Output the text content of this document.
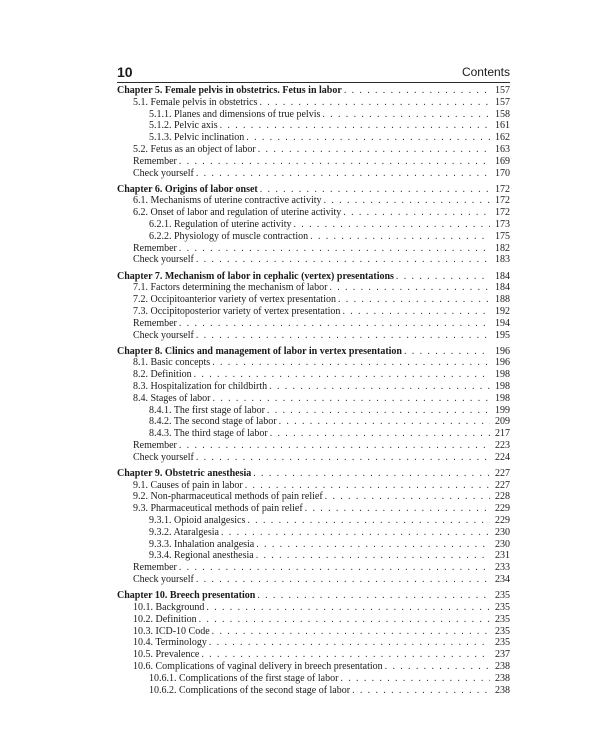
10	Contents
Chapter 5. Female pelvis in obstetrics. Fetus in labor . . .	157
5.1. Female pelvis in obstetrics . . .	157
5.1.1. Planes and dimensions of true pelvis . . .	158
5.1.2. Pelvic axis . . .	161
5.1.3. Pelvic inclination . . .	162
5.2. Fetus as an object of labor . . .	163
Remember . . .	169
Check yourself . . .	170
Chapter 6. Origins of labor onset . . .	172
6.1. Mechanisms of uterine contractive activity . . .	172
6.2. Onset of labor and regulation of uterine activity . . .	172
6.2.1. Regulation of uterine activity . . .	173
6.2.2. Physiology of muscle contraction . . .	175
Remember . . .	182
Check yourself . . .	183
Chapter 7. Mechanism of labor in cephalic (vertex) presentations . . .	184
7.1. Factors determining the mechanism of labor . . .	184
7.2. Occipitoanterior variety of vertex presentation . . .	188
7.3. Occipitoposterior variety of vertex presentation . . .	192
Remember . . .	194
Check yourself . . .	195
Chapter 8. Clinics and management of labor in vertex presentation . . .	196
8.1. Basic concepts . . .	196
8.2. Definition . . .	198
8.3. Hospitalization for childbirth . . .	198
8.4. Stages of labor . . .	198
8.4.1. The first stage of labor . . .	199
8.4.2. The second stage of labor . . .	209
8.4.3. The third stage of labor . . .	217
Remember . . .	223
Check yourself . . .	224
Chapter 9. Obstetric anesthesia . . .	227
9.1. Causes of pain in labor . . .	227
9.2. Non-pharmaceutical methods of pain relief . . .	228
9.3. Pharmaceutical methods of pain relief . . .	229
9.3.1. Opioid analgesics . . .	229
9.3.2. Ataralgesia . . .	230
9.3.3. Inhalation analgesia . . .	230
9.3.4. Regional anesthesia . . .	231
Remember . . .	233
Check yourself . . .	234
Chapter 10. Breech presentation . . .	235
10.1. Background . . .	235
10.2. Definition . . .	235
10.3. ICD-10 Code . . .	235
10.4. Terminology . . .	235
10.5. Prevalence . . .	237
10.6. Complications of vaginal delivery in breech presentation . . .	238
10.6.1. Complications of the first stage of labor . . .	238
10.6.2. Complications of the second stage of labor . . .	238
